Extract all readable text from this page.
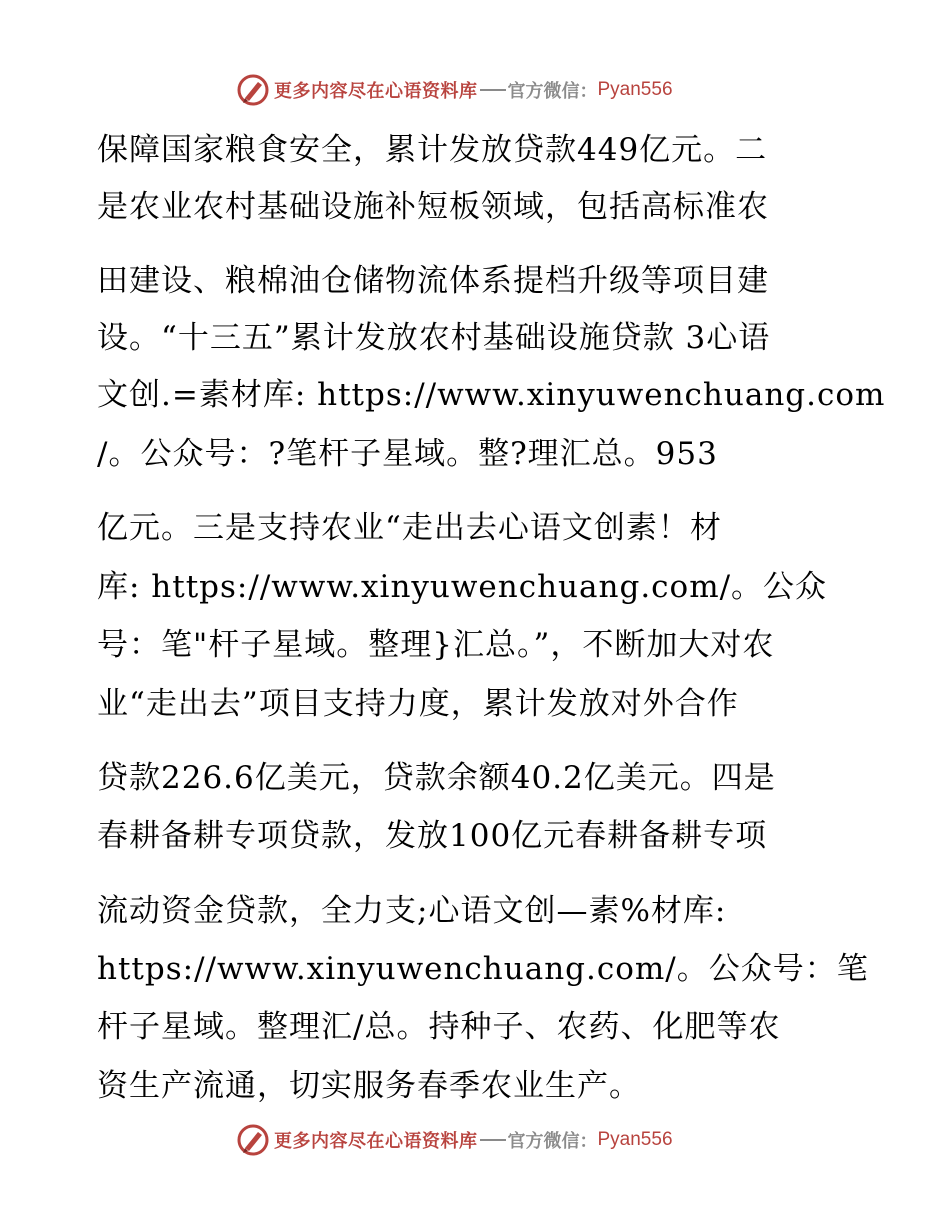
更多内容尽在心语资料库 官方微信： Pyan556
保障国家粮食安全，累计发放贷款449亿元。二
是农业农村基础设施补短板领域，包括高标准农
田建设、粮棉油仓储物流体系提档升级等项目建
设。“十三五”累计发放农村基础设施贷款 3心语
文创.=素材库: https://www.xinyuwenchuang.com
/。公众号：?笔杆子星域。整?理汇总。953
亿元。三是支持农业“走出去心语文创素！材
库: https://www.xinyuwenchuang.com/。公众
号：笔"杆子星域。整理}汇总。”，不断加大对农
业“走出去”项目支持力度，累计发放对外合作
贷款226.6亿美元，贷款余额40.2亿美元。四是
春耕备耕专项贷款，发放100亿元春耕备耕专项
流动资金贷款，全力支;心语文创—素%材库:
https://www.xinyuwenchuang.com/。公众号：笔
杆子星域。整理汇/总。持种子、农药、化肥等农
资生产流通，切实服务春季农业生产。
更多内容尽在心语资料库 官方微信： Pyan556
